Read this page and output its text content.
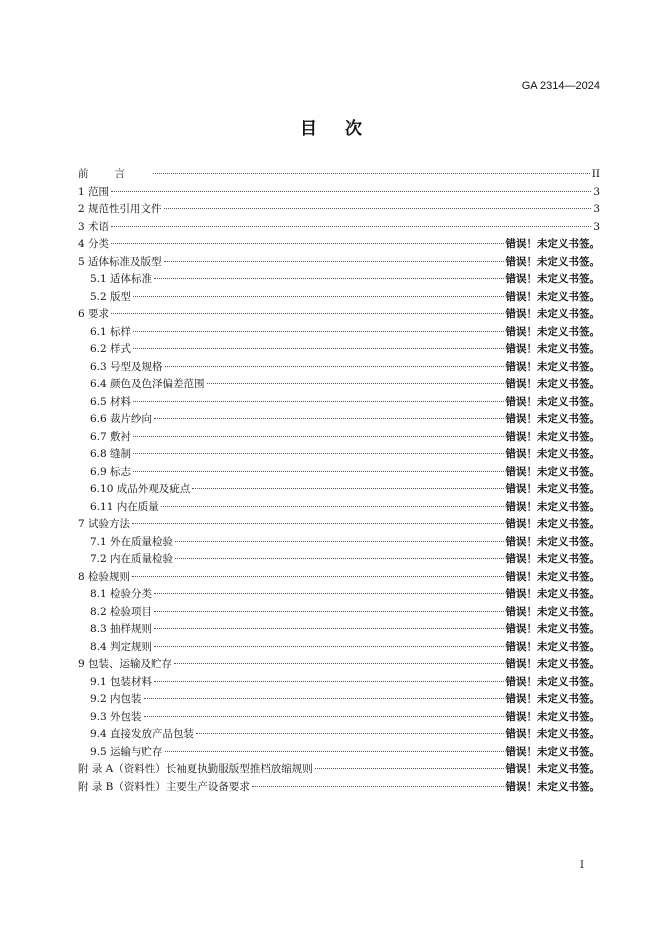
GA 2314—2024
目次
前言	II
1 范围	3
2 规范性引用文件	3
3 术语	3
4 分类	错误！未定义书签。
5 适体标准及版型	错误！未定义书签。
5.1 适体标准	错误！未定义书签。
5.2 版型	错误！未定义书签。
6 要求	错误！未定义书签。
6.1 标样	错误！未定义书签。
6.2 样式	错误！未定义书签。
6.3 号型及规格	错误！未定义书签。
6.4 颜色及色泽偏差范围	错误！未定义书签。
6.5 材料	错误！未定义书签。
6.6 裁片纱向	错误！未定义书签。
6.7 敷衬	错误！未定义书签。
6.8 缝制	错误！未定义书签。
6.9 标志	错误！未定义书签。
6.10 成品外观及疵点	错误！未定义书签。
6.11 内在质量	错误！未定义书签。
7 试验方法	错误！未定义书签。
7.1 外在质量检验	错误！未定义书签。
7.2 内在质量检验	错误！未定义书签。
8 检验规则	错误！未定义书签。
8.1 检验分类	错误！未定义书签。
8.2 检验项目	错误！未定义书签。
8.3 抽样规则	错误！未定义书签。
8.4 判定规则	错误！未定义书签。
9 包装、运输及贮存	错误！未定义书签。
9.1 包装材料	错误！未定义书签。
9.2 内包装	错误！未定义书签。
9.3 外包装	错误！未定义书签。
9.4 直接发放产品包装	错误！未定义书签。
9.5 运输与贮存	错误！未定义书签。
附 录 A（资料性）长袖夏执勤服版型推档放缩规则	错误！未定义书签。
附 录 B（资料性）主要生产设备要求	错误！未定义书签。
I
